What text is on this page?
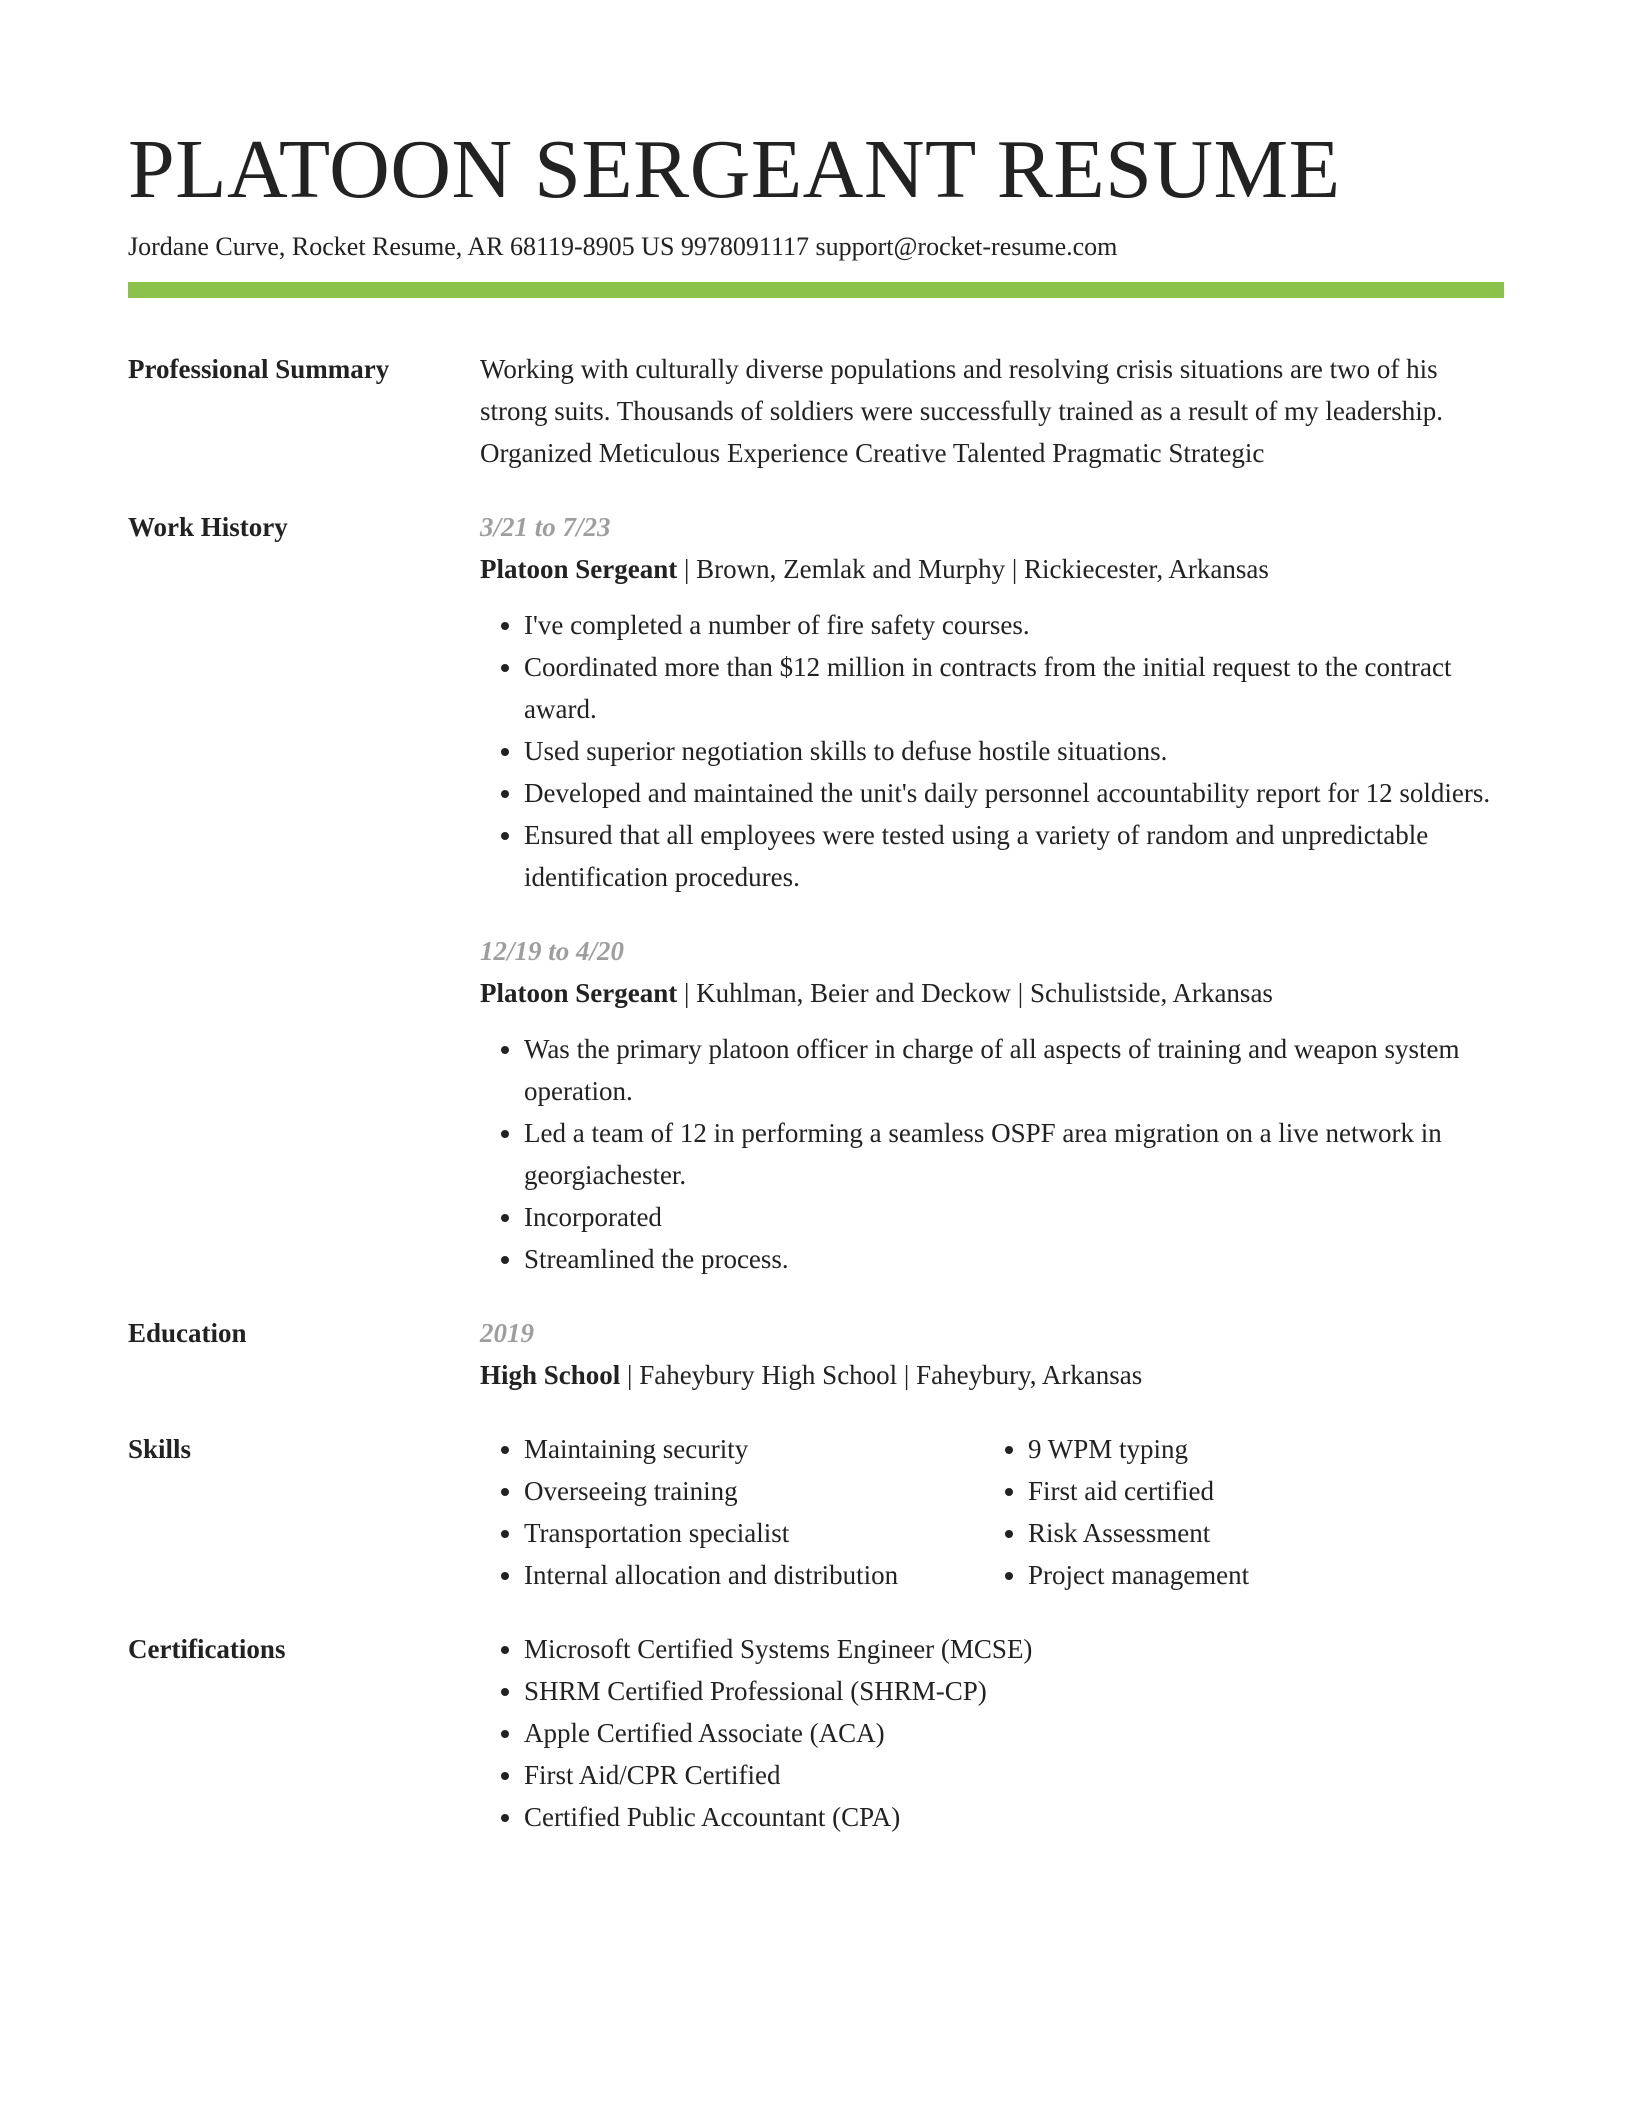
PLATOON SERGEANT RESUME
Jordane Curve, Rocket Resume, AR 68119-8905 US 9978091117 support@rocket-resume.com
Professional Summary	Working with culturally diverse populations and resolving crisis situations are two of his strong suits. Thousands of soldiers were successfully trained as a result of my leadership. Organized Meticulous Experience Creative Talented Pragmatic Strategic

Work History	3/21 to 7/23
Platoon Sergeant | Brown, Zemlak and Murphy | Rickiecester, Arkansas
• I've completed a number of fire safety courses.
• Coordinated more than $12 million in contracts from the initial request to the contract award.
• Used superior negotiation skills to defuse hostile situations.
• Developed and maintained the unit's daily personnel accountability report for 12 soldiers.
• Ensured that all employees were tested using a variety of random and unpredictable identification procedures.
12/19 to 4/20
Platoon Sergeant | Kuhlman, Beier and Deckow | Schulistside, Arkansas
• Was the primary platoon officer in charge of all aspects of training and weapon system operation.
• Led a team of 12 in performing a seamless OSPF area migration on a live network in georgiachester.
• Incorporated
• Streamlined the process.
Education	2019
High School | Faheybury High School | Faheybury, Arkansas
Skills	• Maintaining security
• Overseeing training
• Transportation specialist
• Internal allocation and distribution
• 9 WPM typing
• First aid certified
• Risk Assessment
• Project management
Certifications	• Microsoft Certified Systems Engineer (MCSE)
• SHRM Certified Professional (SHRM-CP)
• Apple Certified Associate (ACA)
• First Aid/CPR Certified
• Certified Public Accountant (CPA)
